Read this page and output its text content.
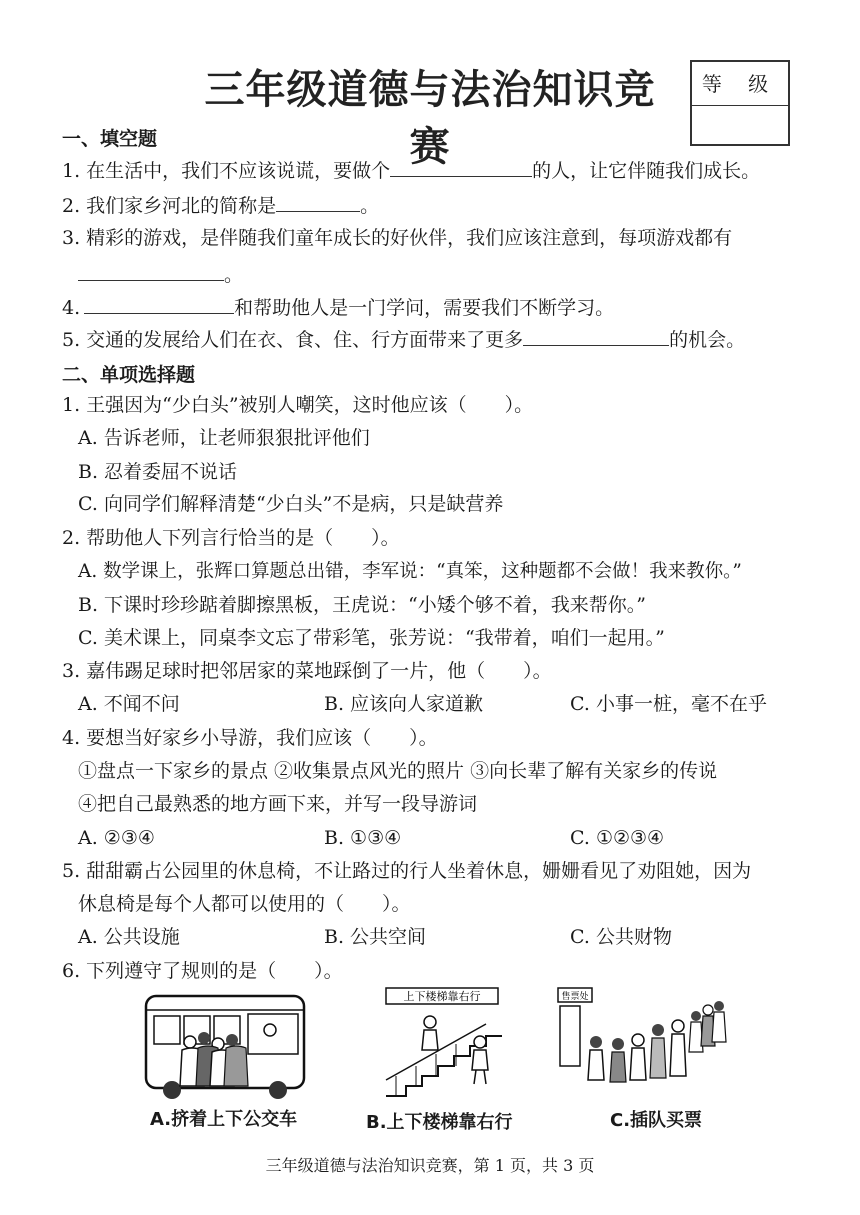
三年级道德与法治知识竞赛
等 级
一、填空题
1. 在生活中，我们不应该说谎，要做个	的人，让它伴随我们成长。
2. 我们家乡河北的简称是	。
3. 精彩的游戏，是伴随我们童年成长的好伙伴，我们应该注意到，每项游戏都有
。
4.	和帮助他人是一门学问，需要我们不断学习。
5. 交通的发展给人们在衣、食、住、行方面带来了更多	的机会。
二、单项选择题
1. 王强因为“少白头”被别人嘲笑，这时他应该（　　）。
A. 告诉老师，让老师狠狠批评他们
B. 忍着委屈不说话
C. 向同学们解释清楚“少白头”不是病，只是缺营养
2. 帮助他人下列言行恰当的是（　　）。
A. 数学课上，张辉口算题总出错，李军说：“真笨，这种题都不会做！我来教你。”
B. 下课时珍珍踮着脚擦黑板，王虎说：“小矮个够不着，我来帮你。”
C. 美术课上，同桌李文忘了带彩笔，张芳说：“我带着，咱们一起用。”
3. 嘉伟踢足球时把邻居家的菜地踩倒了一片，他（　　）。
A. 不闻不问	B. 应该向人家道歉	C. 小事一桩，毫不在乎
4. 要想当好家乡小导游，我们应该（　　）。
①盘点一下家乡的景点 ②收集景点风光的照片 ③向长辈了解有关家乡的传说
④把自己最熟悉的地方画下来，并写一段导游词
A. ②③④	B. ①③④	C. ①②③④
5. 甜甜霸占公园里的休息椅，不让路过的行人坐着休息，姗姗看见了劝阻她，因为
休息椅是每个人都可以使用的（　　）。
A. 公共设施	B. 公共空间	C. 公共财物
6. 下列遵守了规则的是（　　）。
A.挤着上下公交车
上下楼梯靠右行
B.上下楼梯靠右行
售票处
C.插队买票
三年级道德与法治知识竞赛，第 1 页，共 3 页
